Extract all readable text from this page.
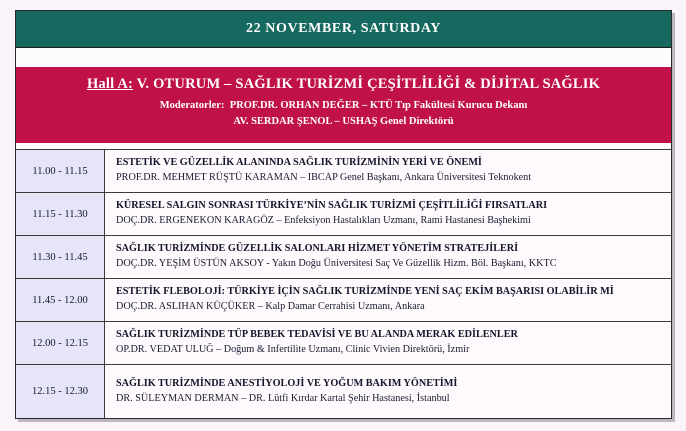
22 NOVEMBER, SATURDAY
Hall A: V. OTURUM – SAĞLIK TURİZMİ ÇEŞİTLİLİĞİ & DİJİTAL SAĞLIK
Moderatorler: PROF.DR. ORHAN DEĞER – KTÜ Tıp Fakültesi Kurucu Dekanı
AV. SERDAR ŞENOL – USHAŞ Genel Direktörü
11.00 - 11.15
ESTETİK VE GÜZELLİK ALANINDA SAĞLIK TURİZMİNİN YERİ VE ÖNEMİ
PROF.DR. MEHMET RÜŞTÜ KARAMAN – IBCAP Genel Başkanı, Ankara Üniversitesi Teknokent
11.15 - 11.30
KÜRESEL SALGIN SONRASI TÜRKİYE’NİN SAĞLIK TURİZMİ ÇEŞİTLİLİĞİ FIRSATLARI
DOÇ.DR. ERGENEKON KARAGÖZ – Enfeksiyon Hastalıkları Uzmanı, Rami Hastanesi Başhekimi
11.30 - 11.45
SAĞLIK TURİZMİNDE GÜZELLİK SALONLARI HİZMET YÖNETİM STRATEJİLERİ
DOÇ.DR. YEŞİM ÜSTÜN AKSOY - Yakın Doğu Üniversitesi Saç Ve Güzellik Hizm. Böl. Başkanı, KKTC
11.45 - 12.00
ESTETİK FLEBOLOJİ: TÜRKİYE İÇİN SAĞLIK TURİZMİNDE YENİ SAÇ EKİM BAŞARISI OLABİLİR Mİ
DOÇ.DR. ASLIHAN KÜÇÜKER – Kalp Damar Cerrahisi Uzmanı, Ankara
12.00 - 12.15
SAĞLIK TURİZMİNDE TÜP BEBEK TEDAVİSİ VE BU ALANDA MERAK EDİLENLER
OP.DR. VEDAT ULUĞ – Doğum & Infertilite Uzmanı, Clinic Vivien Direktörü, İzmir
12.15 - 12.30
SAĞLIK TURİZMİNDE ANESTİYOLOJİ VE YOĞUM BAKIM YÖNETİMİ
DR. SÜLEYMAN DERMAN – DR. Lütfi Kırdar Kartal Şehir Hastanesi, İstanbul
